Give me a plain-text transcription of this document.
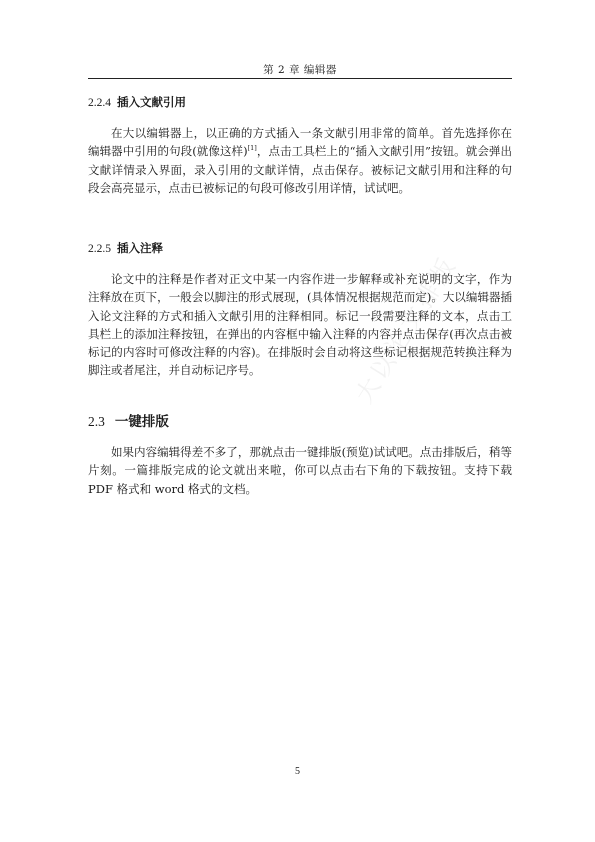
第 2 章 编辑器
大以论文排版
2.2.4 插入文献引用

在大以编辑器上，以正确的方式插入一条文献引用非常的简单。首先选择你在编辑器中引用的句段(就像这样)[1]，点击工具栏上的“插入文献引用”按钮。就会弹出文献详情录入界面，录入引用的文献详情，点击保存。被标记文献引用和注释的句段会高亮显示，点击已被标记的句段可修改引用详情，试试吧。

2.2.5 插入注释

论文中的注释是作者对正文中某一内容作进一步解释或补充说明的文字，作为注释放在页下，一般会以脚注的形式展现，(具体情况根据规范而定)。大以编辑器插入论文注释的方式和插入文献引用的注释相同。标记一段需要注释的文本，点击工具栏上的添加注释按钮，在弹出的内容框中输入注释的内容并点击保存(再次点击被标记的内容时可修改注释的内容)。在排版时会自动将这些标记根据规范转换注释为脚注或者尾注，并自动标记序号。

2.3 一键排版

如果内容编辑得差不多了，那就点击一键排版(预览)试试吧。点击排版后，稍等片刻。一篇排版完成的论文就出来啦，你可以点击右下角的下载按钮。支持下载 PDF 格式和 word 格式的文档。

5
